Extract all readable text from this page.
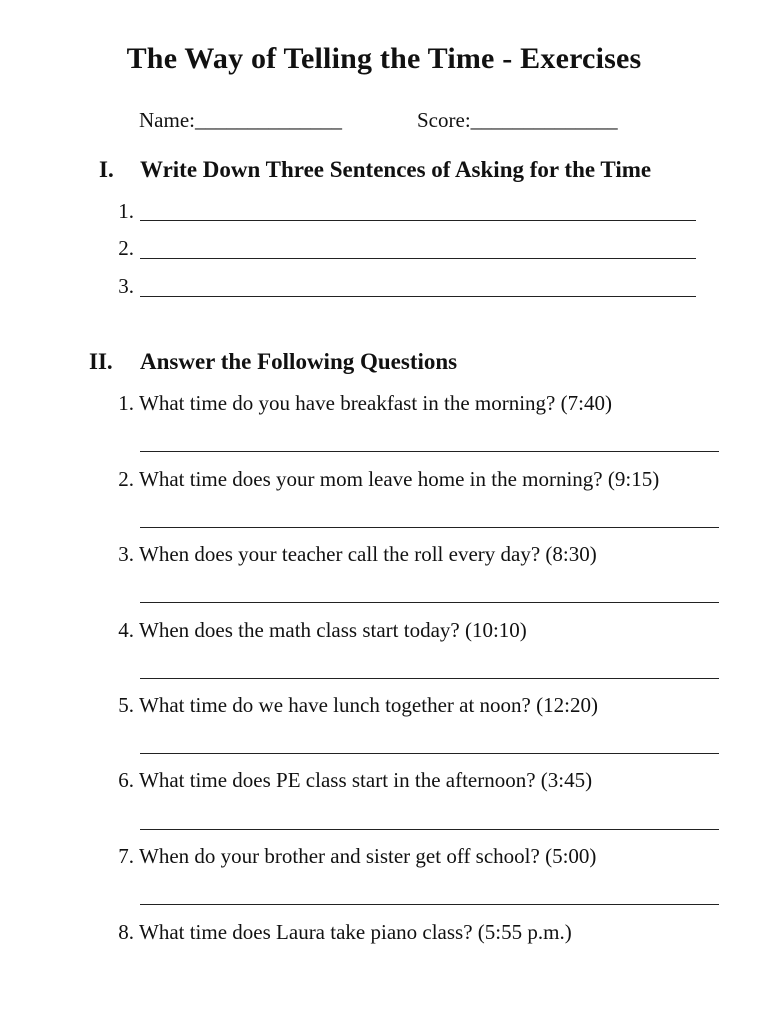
The Way of Telling the Time - Exercises
Name:______________	Score:______________
I. Write Down Three Sentences of Asking for the Time
1.
2.
3.
II. Answer the Following Questions
1. What time do you have breakfast in the morning? (7:40)
2. What time does your mom leave home in the morning? (9:15)
3. When does your teacher call the roll every day? (8:30)
4. When does the math class start today? (10:10)
5. What time do we have lunch together at noon? (12:20)
6. What time does PE class start in the afternoon? (3:45)
7. When do your brother and sister get off school? (5:00)
8. What time does Laura take piano class? (5:55 p.m.)
